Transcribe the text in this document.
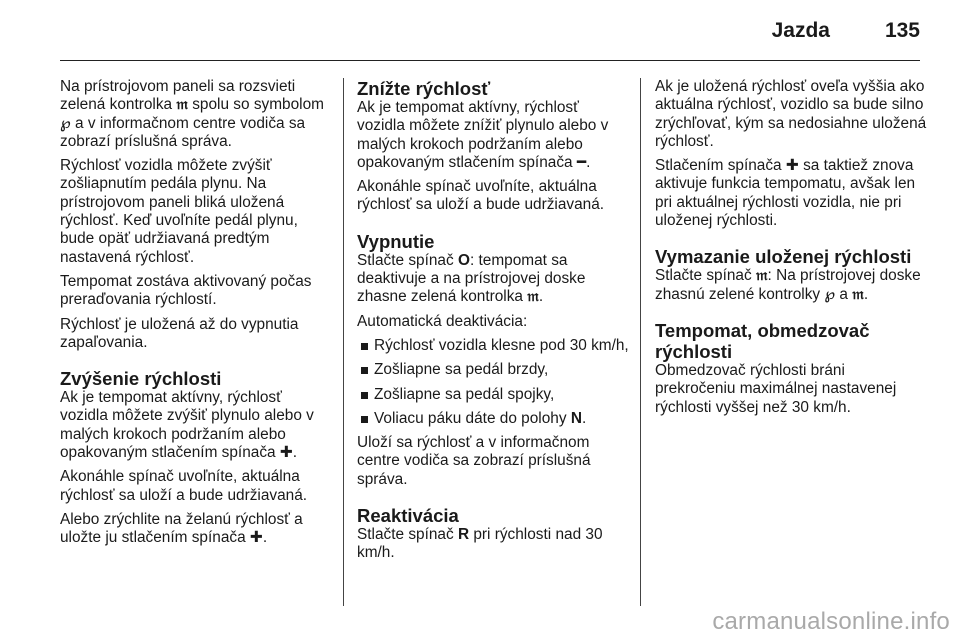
Jazda	135

Na prístrojovom paneli sa rozsvieti zelená kontrolka 𝔪 spolu so symbolom ℘ a v informačnom centre vodiča sa zobrazí príslušná správa.

Rýchlosť vozidla môžete zvýšiť zošliapnutím pedála plynu. Na prístrojovom paneli bliká uložená rýchlosť. Keď uvoľníte pedál plynu, bude opäť udržiavaná predtým nastavená rýchlosť.

Tempomat zostáva aktivovaný počas preraďovania rýchlostí.

Rýchlosť je uložená až do vypnutia zapaľovania.

Zvýšenie rýchlosti

Ak je tempomat aktívny, rýchlosť vozidla môžete zvýšiť plynulo alebo v malých krokoch podržaním alebo opakovaným stlačením spínača ✚.

Akonáhle spínač uvoľníte, aktuálna rýchlosť sa uloží a bude udržiavaná.

Alebo zrýchlite na želanú rýchlosť a uložte ju stlačením spínača ✚.

Znížte rýchlosť

Ak je tempomat aktívny, rýchlosť vozidla môžete znížiť plynulo alebo v malých krokoch podržaním alebo opakovaným stlačením spínača ━.

Akonáhle spínač uvoľníte, aktuálna rýchlosť sa uloží a bude udržiavaná.

Vypnutie

Stlačte spínač O: tempomat sa deaktivuje a na prístrojovej doske zhasne zelená kontrolka 𝔪.

Automatická deaktivácia:

Rýchlosť vozidla klesne pod 30 km/h,
Zošliapne sa pedál brzdy,
Zošliapne sa pedál spojky,
Voliacu páku dáte do polohy N.

Uloží sa rýchlosť a v informačnom centre vodiča sa zobrazí príslušná správa.

Reaktivácia

Stlačte spínač R pri rýchlosti nad 30 km/h.

Ak je uložená rýchlosť oveľa vyššia ako aktuálna rýchlosť, vozidlo sa bude silno zrýchľovať, kým sa nedosiahne uložená rýchlosť.

Stlačením spínača ✚ sa taktiež znova aktivuje funkcia tempomatu, avšak len pri aktuálnej rýchlosti vozidla, nie pri uloženej rýchlosti.

Vymazanie uloženej rýchlosti

Stlačte spínač 𝔪: Na prístrojovej doske zhasnú zelené kontrolky ℘ a 𝔪.

Tempomat, obmedzovač rýchlosti

Obmedzovač rýchlosti bráni prekročeniu maximálnej nastavenej rýchlosti vyššej než 30 km/h.

carmanualsonline.info
